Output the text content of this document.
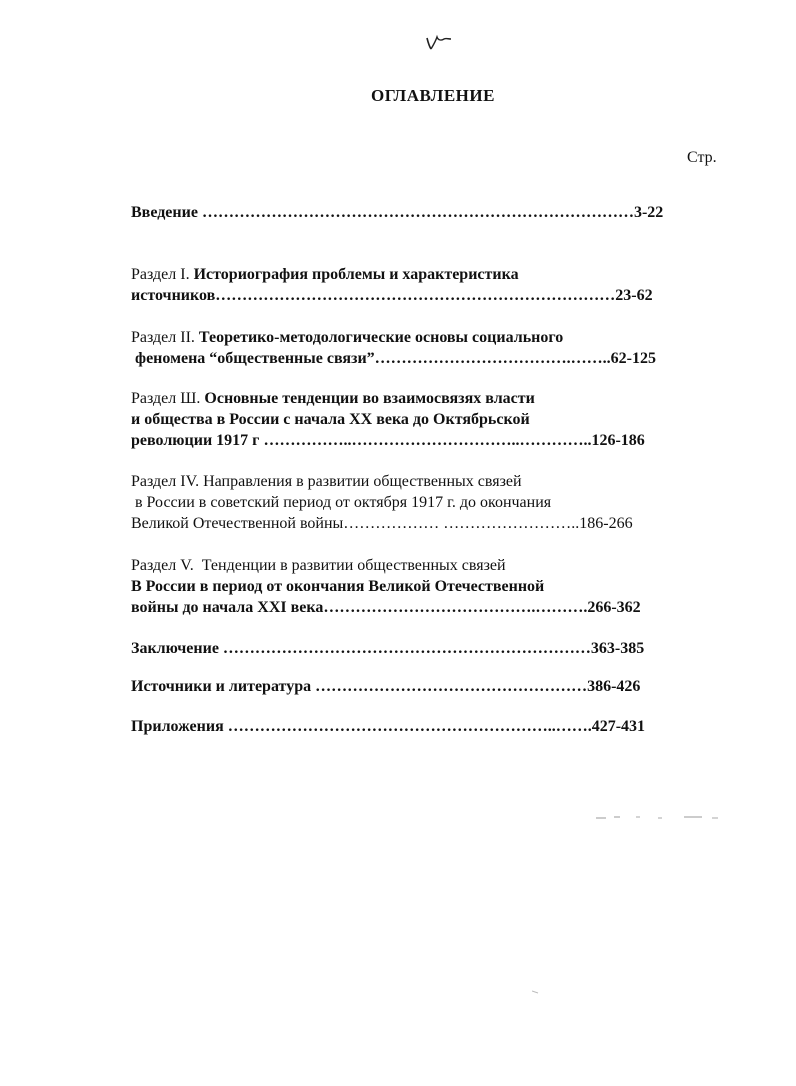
ОГЛАВЛЕНИЕ
Стр.
Введение ………………………………………………………………………3-22
Раздел I. Историография проблемы и характеристика
источников…………………………………………………………………23-62
Раздел II. Теоретико-методологические основы социального
феномена “общественные связи”……………………………….……..62-125
Раздел Ш. Основные тенденции во взаимосвязях власти
и общества в России с начала ХХ века до Октябрьской
революции 1917 г ……………..…………………………..…………..126-186
Раздел IV. Направления в развитии общественных связей
в России в советский период от октября 1917 г. до окончания
Великой Отечественной войны……………… ……………………..186-266
Раздел V.  Тенденции в развитии общественных связей
В России в период от окончания Великой Отечественной
войны до начала XXI века………………………………….……….266-362
Заключение ……………………………………………………………363-385
Источники и литература ……………………………………………386-426
Приложения ……………………………………………………..…….427-431
